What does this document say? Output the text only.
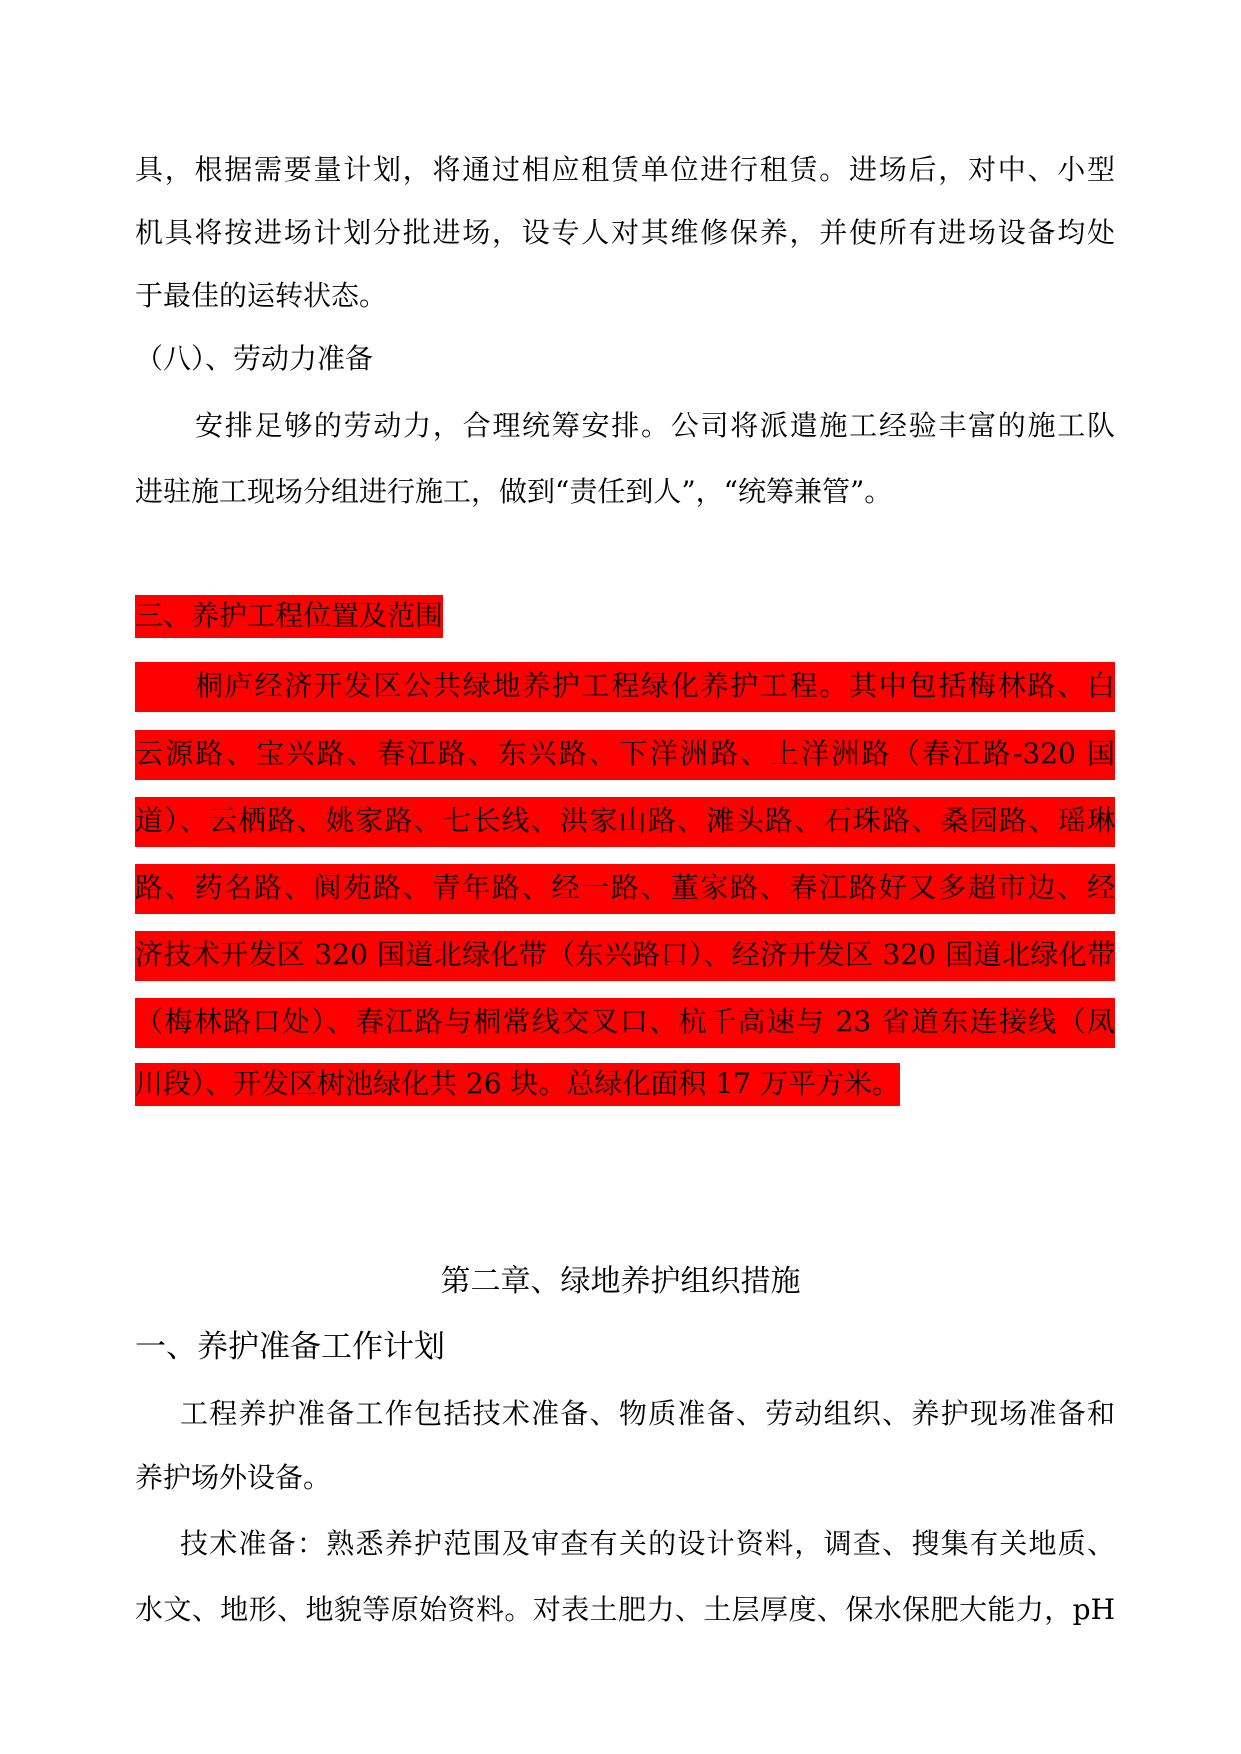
具，根据需要量计划，将通过相应租赁单位进行租赁。进场后，对中、小型
机具将按进场计划分批进场，设专人对其维修保养，并使所有进场设备均处
于最佳的运转状态。
（八）、劳动力准备
安排足够的劳动力，合理统筹安排。公司将派遣施工经验丰富的施工队
进驻施工现场分组进行施工，做到“责任到人”，“统筹兼管”。
三、养护工程位置及范围
桐庐经济开发区公共绿地养护工程绿化养护工程。其中包括梅林路、白
云源路、宝兴路、春江路、东兴路、下洋洲路、上洋洲路（春江路-320 国
道）、云栖路、姚家路、七长线、洪家山路、滩头路、石珠路、桑园路、瑶琳
路、药名路、阆苑路、青年路、经一路、董家路、春江路好又多超市边、经
济技术开发区 320 国道北绿化带（东兴路口）、经济开发区 320 国道北绿化带
（梅林路口处）、春江路与桐常线交叉口、杭千高速与 23 省道东连接线（凤
川段）、开发区树池绿化共 26 块。总绿化面积 17 万平方米。
第二章、绿地养护组织措施
一、养护准备工作计划
工程养护准备工作包括技术准备、物质准备、劳动组织、养护现场准备和
养护场外设备。
技术准备：熟悉养护范围及审查有关的设计资料，调查、搜集有关地质、
水文、地形、地貌等原始资料。对表土肥力、土层厚度、保水保肥大能力，pH
